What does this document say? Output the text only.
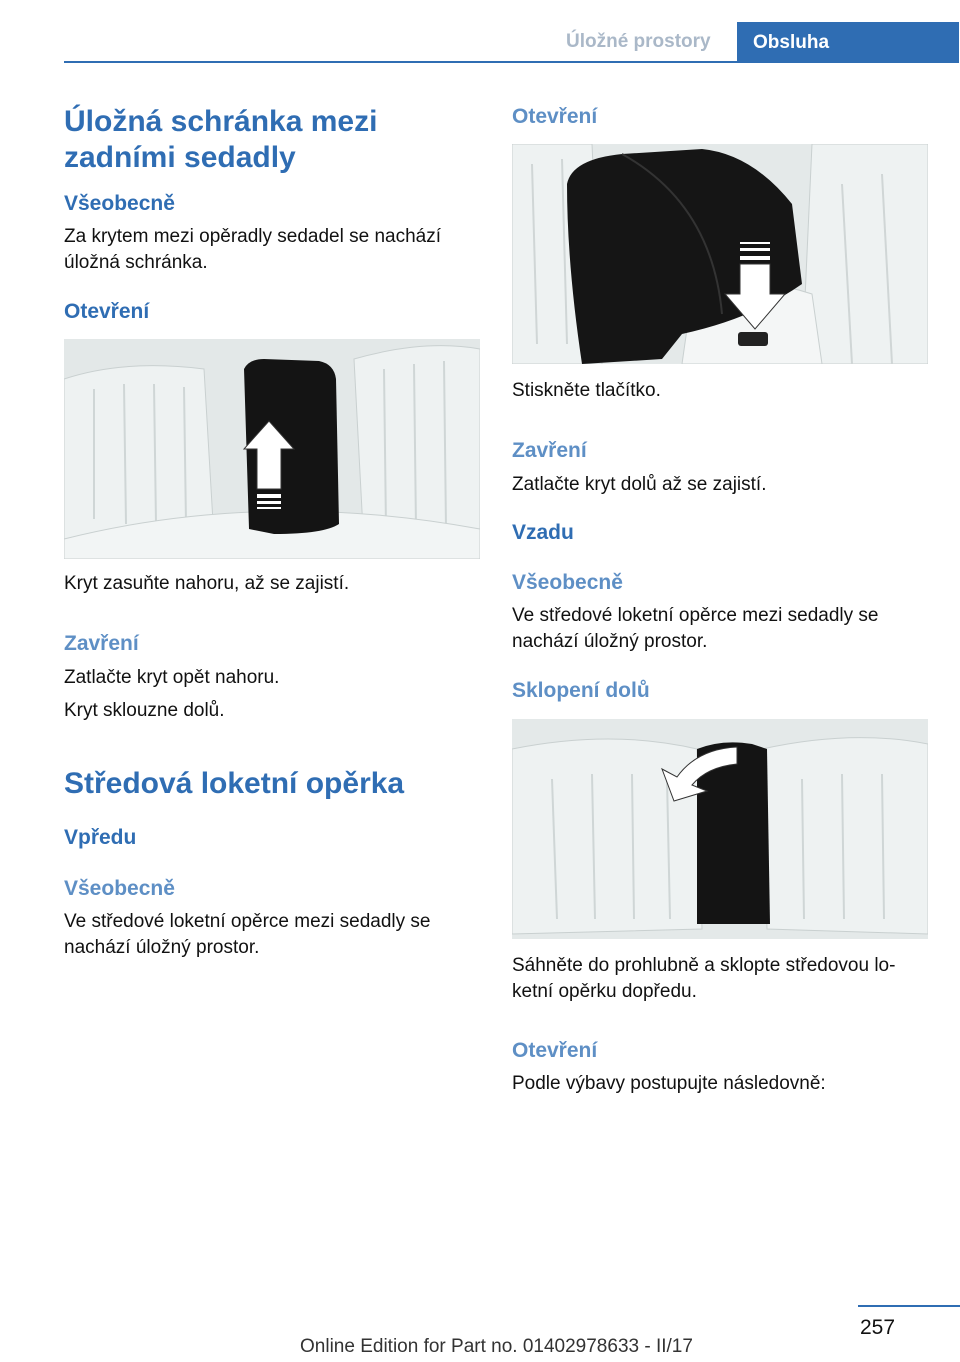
Úložné prostory	Obsluha
Úložná schránka mezi zadními sedadly
Všeobecně
Za krytem mezi opěradly sedadel se nachází úložná schránka.
Otevření
Kryt zasuňte nahoru, až se zajistí.
Zavření
Zatlačte kryt opět nahoru.
Kryt sklouzne dolů.
Středová loketní opěrka
Vpředu
Všeobecně
Ve středové loketní opěrce mezi sedadly se nachází úložný prostor.
Otevření
Stiskněte tlačítko.
Zavření
Zatlačte kryt dolů až se zajistí.
Vzadu
Všeobecně
Ve středové loketní opěrce mezi sedadly se nachází úložný prostor.
Sklopení dolů
Sáhněte do prohlubně a sklopte středovou loketní opěrku dopředu.
Otevření
Podle výbavy postupujte následovně:
257
Online Edition for Part no. 01402978633 - II/17
